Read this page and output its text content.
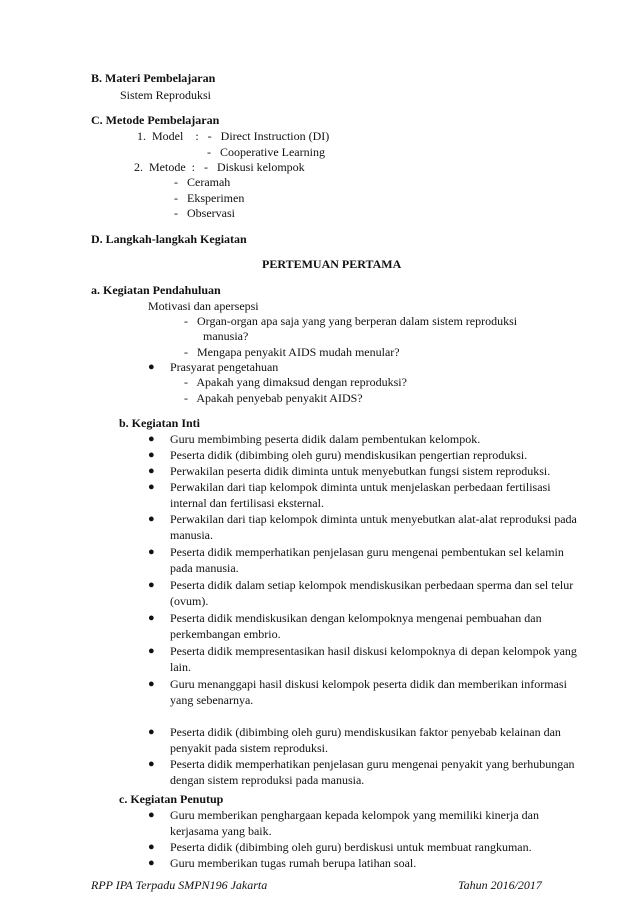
B. Materi Pembelajaran
Sistem Reproduksi
C. Metode Pembelajaran
1.  Model    :   -   Direct Instruction (DI)
-   Cooperative Learning
2.  Metode  :   -   Diskusi kelompok
-   Ceramah
-   Eksperimen
-   Observasi
D. Langkah-langkah Kegiatan
PERTEMUAN PERTAMA
a. Kegiatan Pendahuluan
Motivasi dan apersepsi
-   Organ-organ apa saja yang yang berperan dalam sistem reproduksi
manusia?
-   Mengapa penyakit AIDS mudah menular?
● Prasyarat pengetahuan
-   Apakah yang dimaksud dengan reproduksi?
-   Apakah penyebab penyakit AIDS?
b. Kegiatan Inti
● Guru membimbing peserta didik dalam pembentukan kelompok.
● Peserta didik (dibimbing oleh guru) mendiskusikan pengertian reproduksi.
● Perwakilan peserta didik diminta untuk menyebutkan fungsi sistem reproduksi.
● Perwakilan dari tiap kelompok diminta untuk menjelaskan perbedaan fertilisasi
internal dan fertilisasi eksternal.
● Perwakilan dari tiap kelompok diminta untuk menyebutkan alat-alat reproduksi pada
manusia.
● Peserta didik memperhatikan penjelasan guru mengenai pembentukan sel kelamin
pada manusia.
● Peserta didik dalam setiap kelompok mendiskusikan perbedaan sperma dan sel telur
(ovum).
● Peserta didik mendiskusikan dengan kelompoknya mengenai pembuahan dan
perkembangan embrio.
● Peserta didik mempresentasikan hasil diskusi kelompoknya di depan kelompok yang
lain.
● Guru menanggapi hasil diskusi kelompok peserta didik dan memberikan informasi
yang sebenarnya.
● Peserta didik (dibimbing oleh guru) mendiskusikan faktor penyebab kelainan dan
penyakit pada sistem reproduksi.
● Peserta didik memperhatikan penjelasan guru mengenai penyakit yang berhubungan
dengan sistem reproduksi pada manusia.
c. Kegiatan Penutup
● Guru memberikan penghargaan kepada kelompok yang memiliki kinerja dan
kerjasama yang baik.
● Peserta didik (dibimbing oleh guru) berdiskusi untuk membuat rangkuman.
● Guru memberikan tugas rumah berupa latihan soal.
RPP IPA Terpadu SMPN196 Jakarta	Tahun 2016/2017
